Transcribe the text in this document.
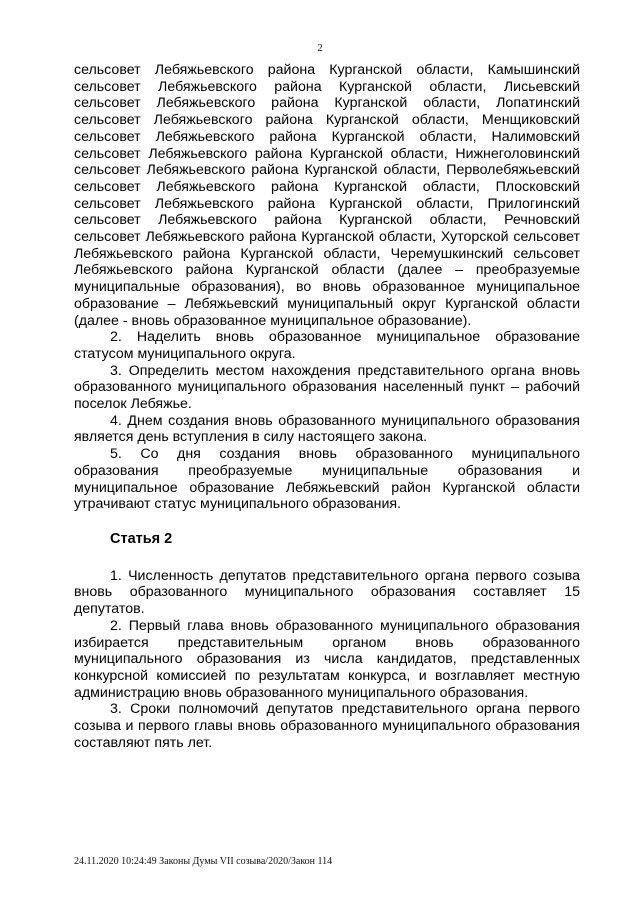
2

сельсовет Лебяжьевского района Курганской области, Камышинский сельсовет Лебяжьевского района Курганской области, Лисьевский сельсовет Лебяжьевского района Курганской области, Лопатинский сельсовет Лебяжьевского района Курганской области, Менщиковский сельсовет Лебяжьевского района Курганской области, Налимовский сельсовет Лебяжьевского района Курганской области, Нижнеголовинский сельсовет Лебяжьевского района Курганской области, Перволебяжьевский сельсовет Лебяжьевского района Курганской области, Плосковский сельсовет Лебяжьевского района Курганской области, Прилогинский сельсовет Лебяжьевского района Курганской области, Речновский сельсовет Лебяжьевского района Курганской области, Хуторской сельсовет Лебяжьевского района Курганской области, Черемушкинский сельсовет Лебяжьевского района Курганской области (далее – преобразуемые муниципальные образования), во вновь образованное муниципальное образование – Лебяжьевский муниципальный округ Курганской области (далее - вновь образованное муниципальное образование).

2. Наделить вновь образованное муниципальное образование статусом муниципального округа.

3. Определить местом нахождения представительного органа вновь образованного муниципального образования населенный пункт – рабочий поселок Лебяжье.

4. Днем создания вновь образованного муниципального образования является день вступления в силу настоящего закона.

5. Со дня создания вновь образованного муниципального образования преобразуемые муниципальные образования и муниципальное образование Лебяжьевский район Курганской области утрачивают статус муниципального образования.

Статья 2

1. Численность депутатов представительного органа первого созыва вновь образованного муниципального образования составляет 15 депутатов.

2. Первый глава вновь образованного муниципального образования избирается представительным органом вновь образованного муниципального образования из числа кандидатов, представленных конкурсной комиссией по результатам конкурса, и возглавляет местную администрацию вновь образованного муниципального образования.

3. Сроки полномочий депутатов представительного органа первого созыва и первого главы вновь образованного муниципального образования составляют пять лет.

24.11.2020 10:24:49 Законы Думы VII созыва/2020/Закон 114
